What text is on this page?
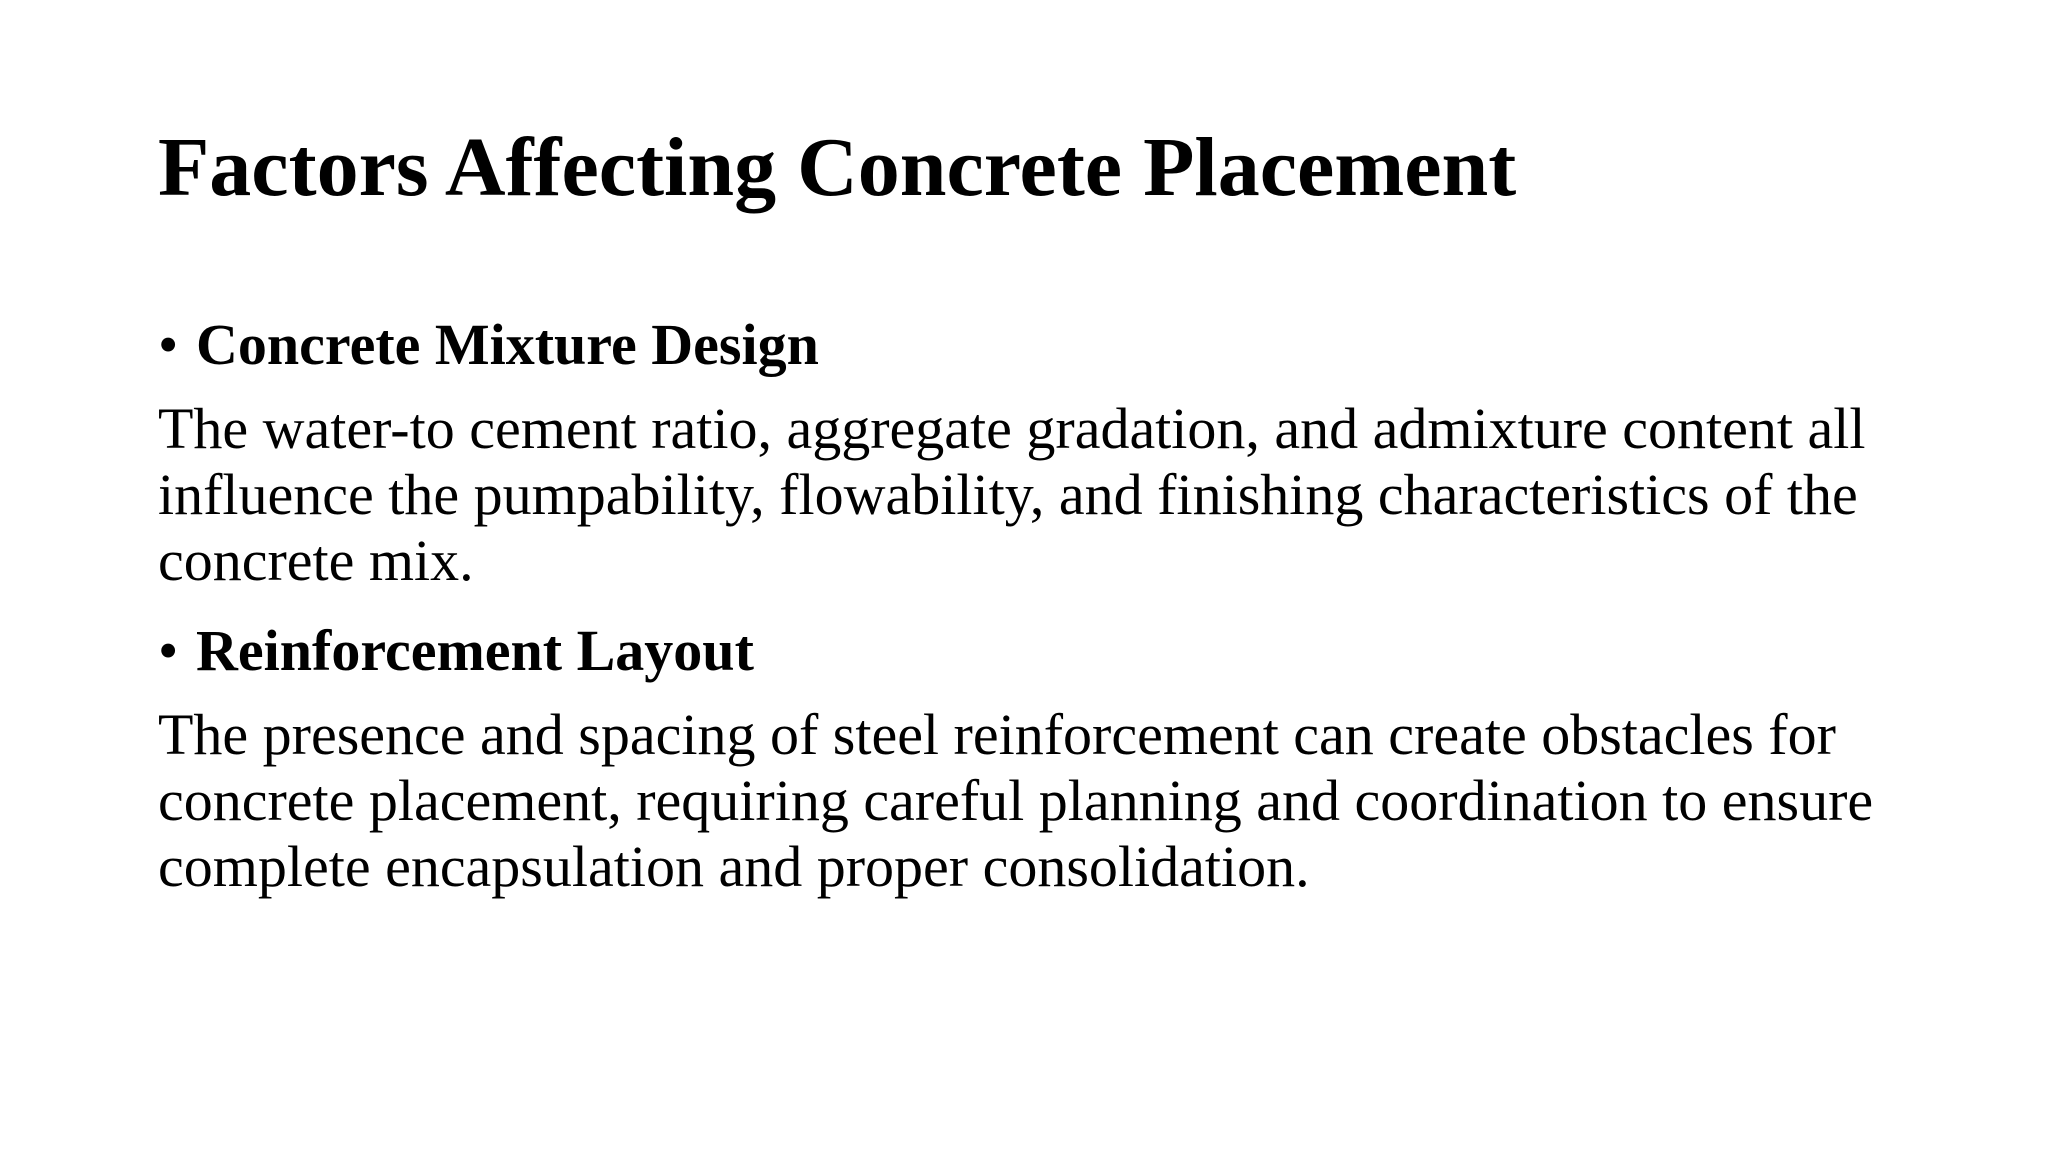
Factors Affecting Concrete Placement

• Concrete Mixture Design

The water-to cement ratio, aggregate gradation, and admixture content all influence the pumpability, flowability, and finishing characteristics of the concrete mix.

• Reinforcement Layout

The presence and spacing of steel reinforcement can create obstacles for concrete placement, requiring careful planning and coordination to ensure complete encapsulation and proper consolidation.
